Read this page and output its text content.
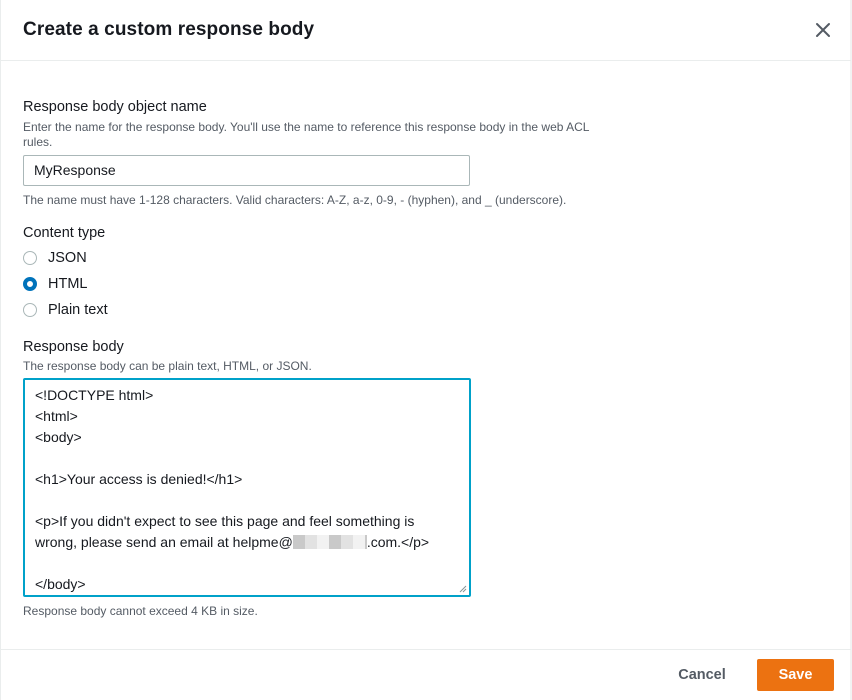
Create a custom response body
Response body object name
Enter the name for the response body. You'll use the name to reference this response body in the web ACL
rules.
MyResponse
The name must have 1-128 characters. Valid characters: A-Z, a-z, 0-9, - (hyphen), and _ (underscore).
Content type
JSON
HTML
Plain text
Response body
The response body can be plain text, HTML, or JSON.
<!DOCTYPE html>
<html>
<body>
<h1>Your access is denied!</h1>
<p>If you didn't expect to see this page and feel something is
wrong, please send an email at helpme@	.com.</p>
</body>
Response body cannot exceed 4 KB in size.
Cancel	Save
